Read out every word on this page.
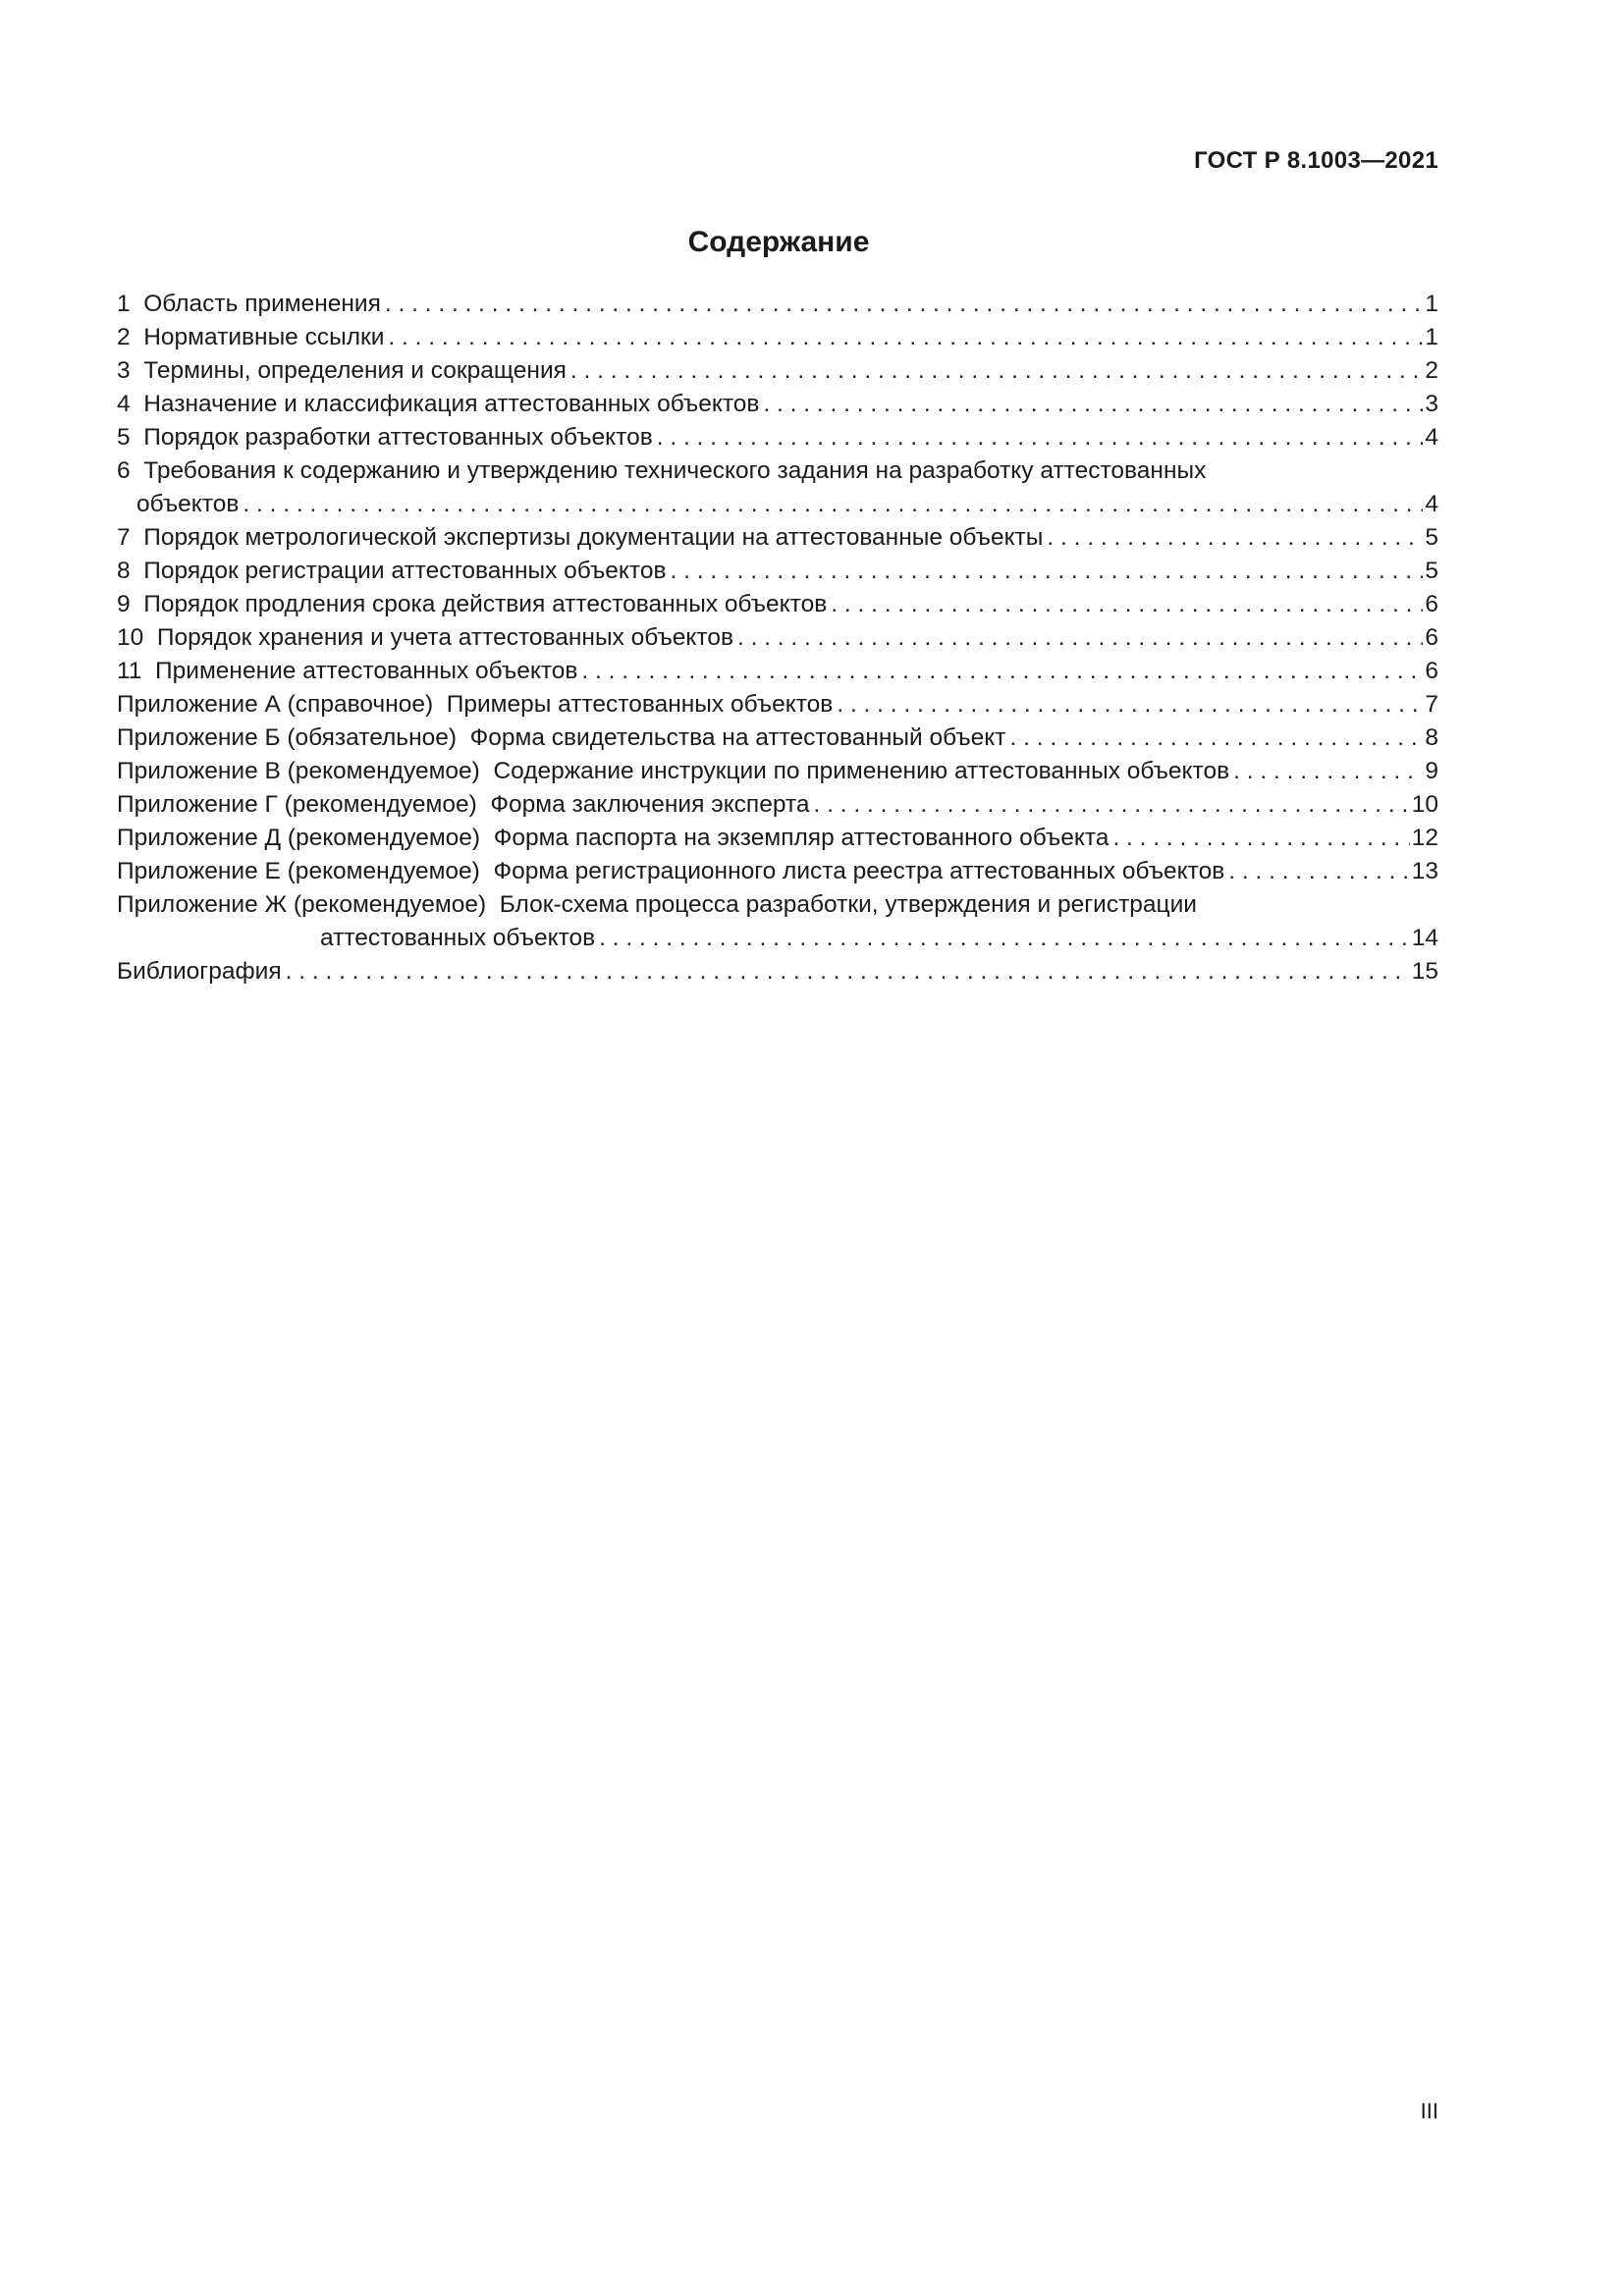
ГОСТ Р 8.1003—2021
Содержание
1  Область применения . . .	1
2  Нормативные ссылки . . .	1
3  Термины, определения и сокращения . . .	2
4  Назначение и классификация аттестованных объектов . . .	3
5  Порядок разработки аттестованных объектов . . .	4
6  Требования к содержанию и утверждению технического задания на разработку аттестованных
объектов . . .	4
7  Порядок метрологической экспертизы документации на аттестованные объекты . . .	5
8  Порядок регистрации аттестованных объектов . . .	5
9  Порядок продления срока действия аттестованных объектов . . .	6
10  Порядок хранения и учета аттестованных объектов . . .	6
11  Применение аттестованных объектов . . .	6
Приложение А (справочное)  Примеры аттестованных объектов . . .	7
Приложение Б (обязательное)  Форма свидетельства на аттестованный объект . . .	8
Приложение В (рекомендуемое)  Содержание инструкции по применению аттестованных объектов . . .	9
Приложение Г (рекомендуемое)  Форма заключения эксперта . . .	10
Приложение Д (рекомендуемое)  Форма паспорта на экземпляр аттестованного объекта . . .	12
Приложение Е (рекомендуемое)  Форма регистрационного листа реестра аттестованных объектов . . .	13
Приложение Ж (рекомендуемое)  Блок-схема процесса разработки, утверждения и регистрации
аттестованных объектов . . .	14
Библиография . . .	15
III
